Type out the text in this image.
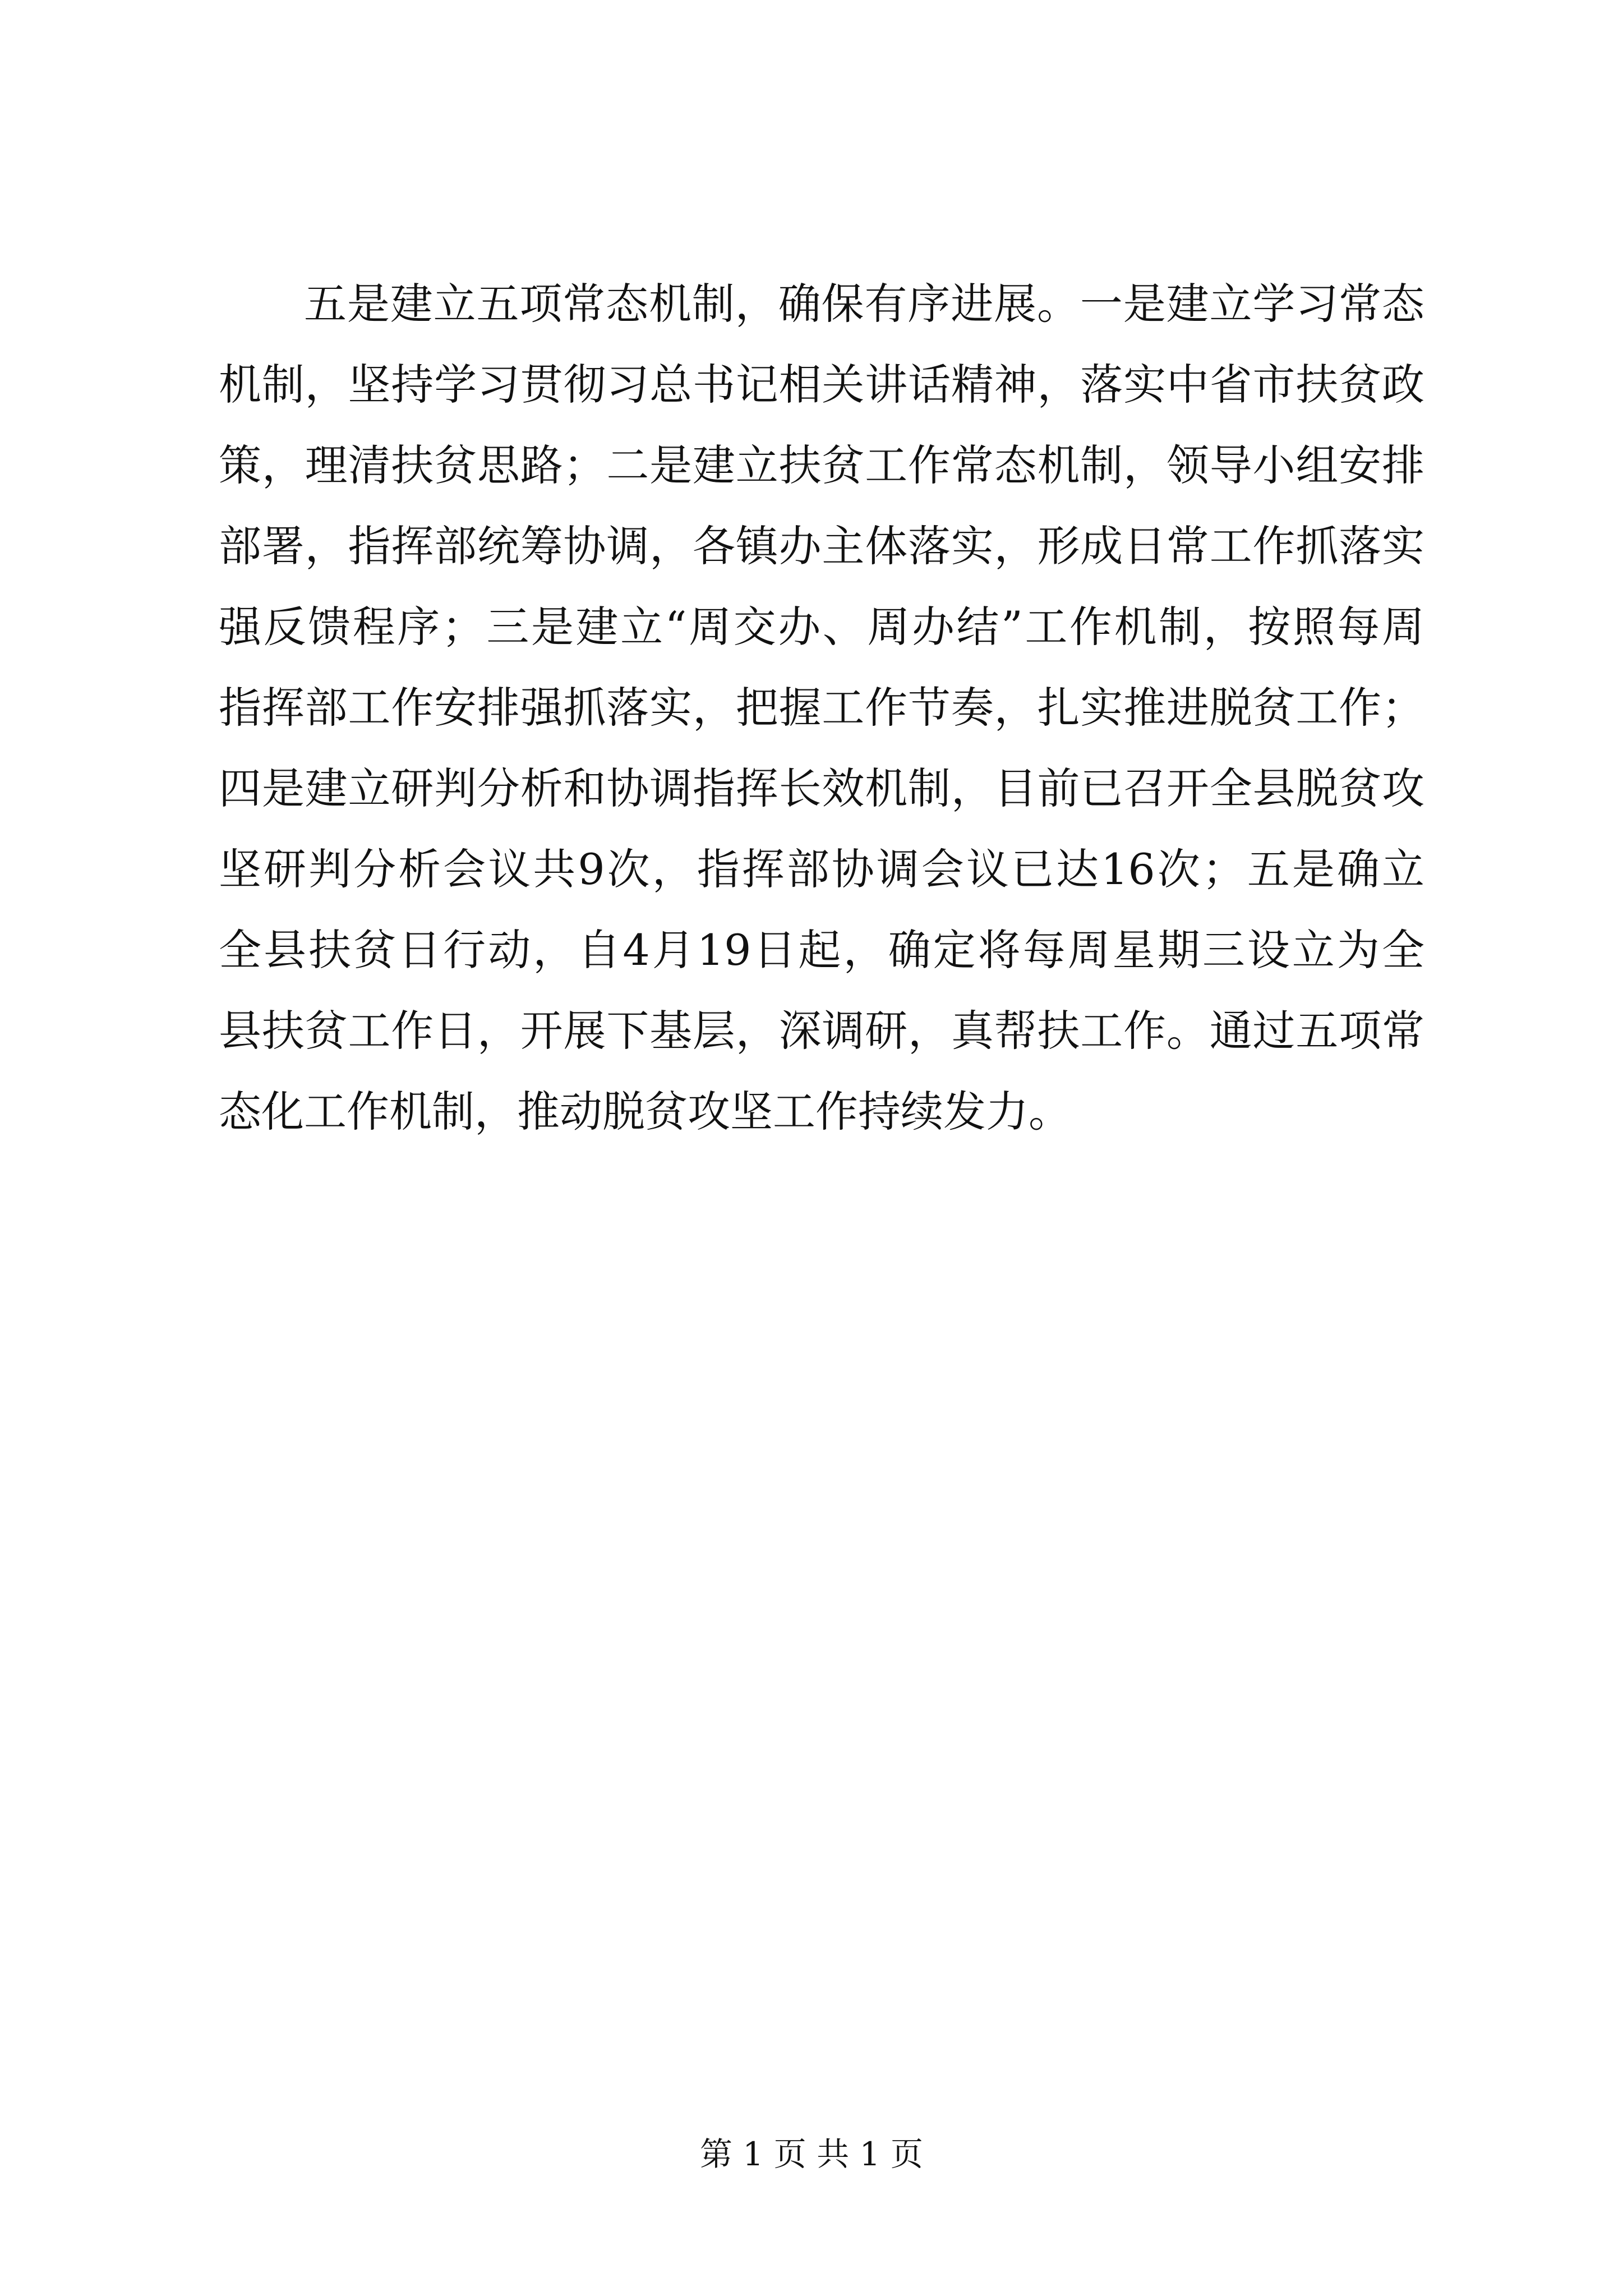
五是建立五项常态机制，确保有序进展。一是建立学习常态
机制，坚持学习贯彻习总书记相关讲话精神，落实中省市扶贫政
策，理清扶贫思路；二是建立扶贫工作常态机制，领导小组安排
部署，指挥部统筹协调，各镇办主体落实，形成日常工作抓落实
强反馈程序；三是建立“周交办、周办结”工作机制，按照每周
指挥部工作安排强抓落实，把握工作节奏，扎实推进脱贫工作；
四是建立研判分析和协调指挥长效机制，目前已召开全县脱贫攻
坚研判分析会议共9次，指挥部协调会议已达16次；五是确立
全县扶贫日行动，自4月19日起，确定将每周星期三设立为全
县扶贫工作日，开展下基层，深调研，真帮扶工作。通过五项常
态化工作机制，推动脱贫攻坚工作持续发力。
第 1 页 共 1 页
